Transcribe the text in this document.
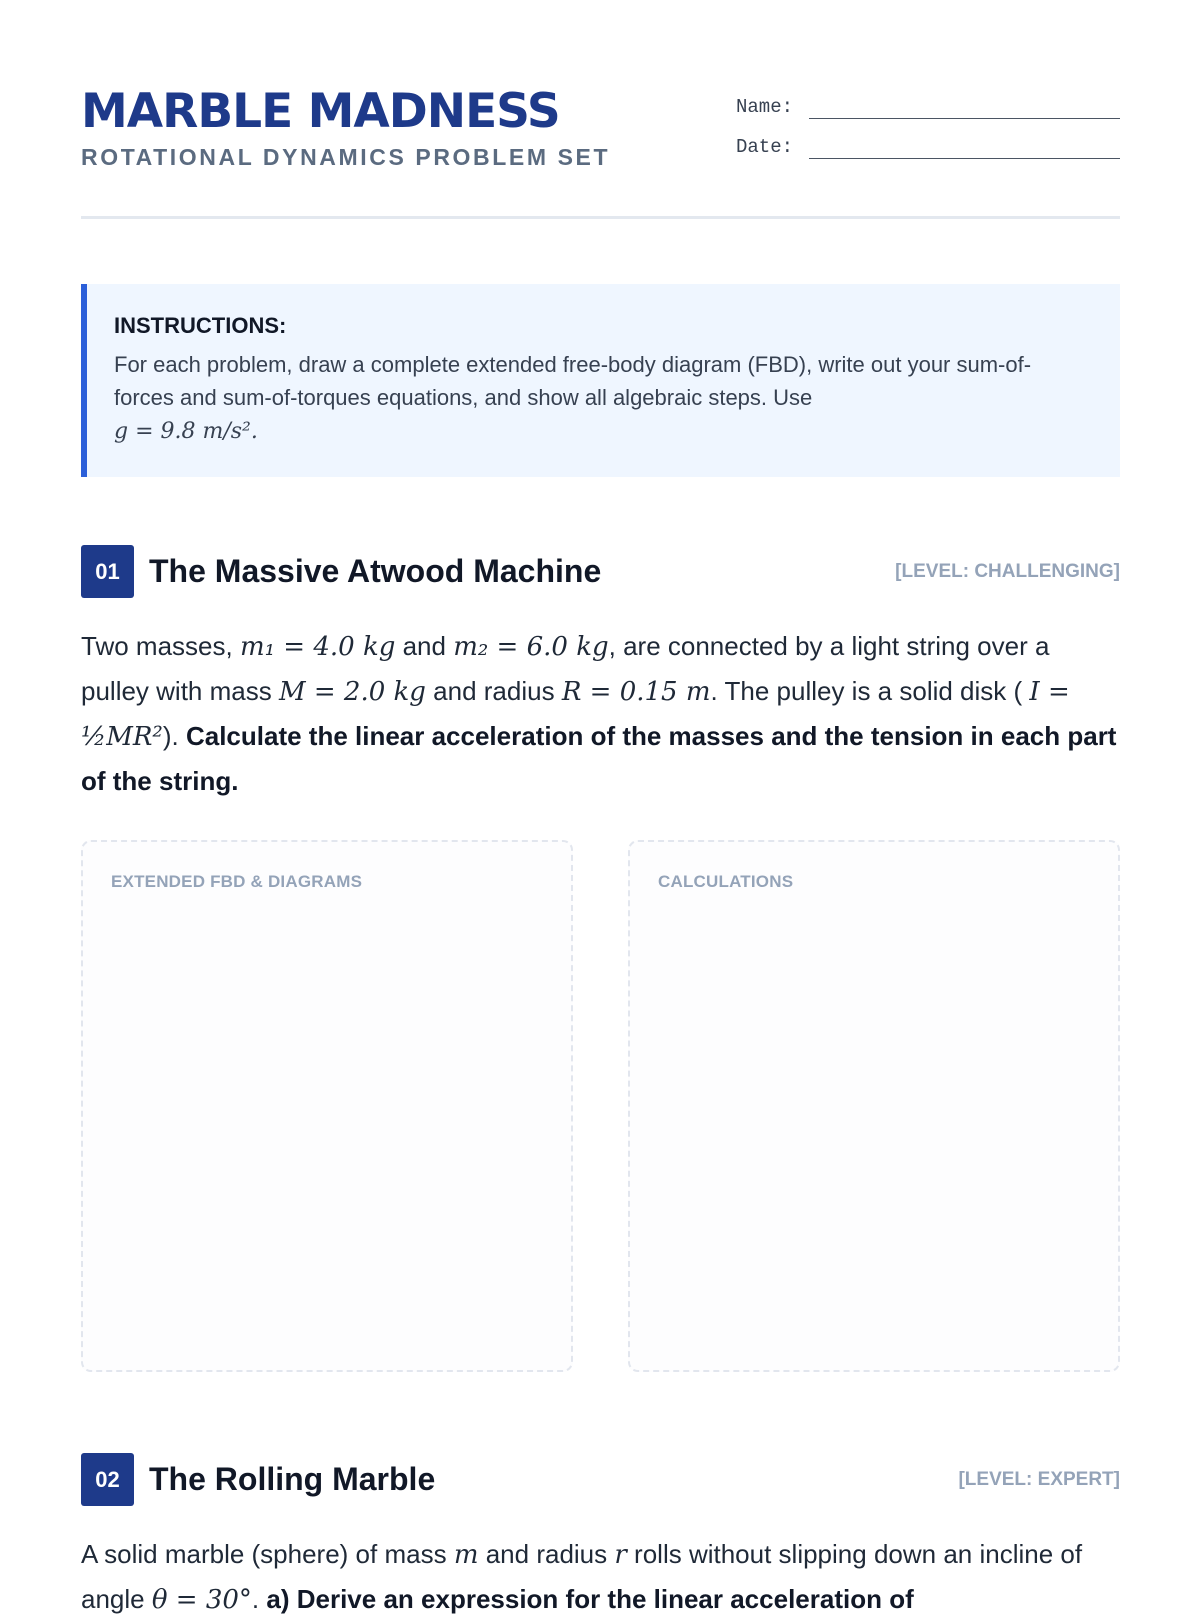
MARBLE MADNESS
ROTATIONAL DYNAMICS PROBLEM SET
Name:
Date:
INSTRUCTIONS:
For each problem, draw a complete extended free-body diagram (FBD), write out your sum-of-forces and sum-of-torques equations, and show all algebraic steps. Use
g = 9.8 m/s².
01 The Massive Atwood Machine	[LEVEL: CHALLENGING]
Two masses, m₁ = 4.0 kg and m₂ = 6.0 kg, are connected by a light string over a pulley with mass M = 2.0 kg and radius R = 0.15 m. The pulley is a solid disk ( I = ½MR²). Calculate the linear acceleration of the masses and the tension in each part of the string.
EXTENDED FBD & DIAGRAMS	CALCULATIONS
02 The Rolling Marble	[LEVEL: EXPERT]
A solid marble (sphere) of mass m and radius r rolls without slipping down an incline of angle θ = 30°. a) Derive an expression for the linear acceleration of
